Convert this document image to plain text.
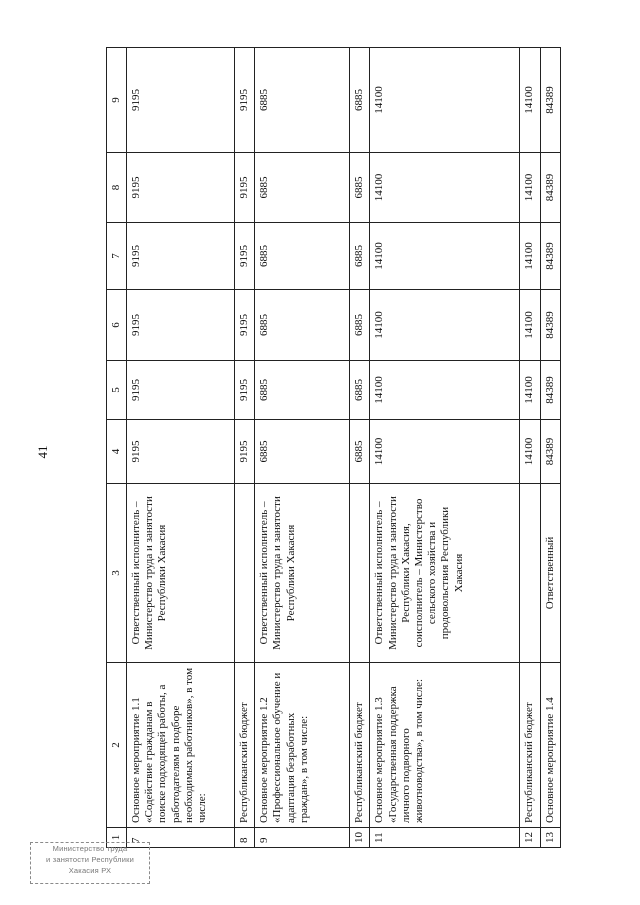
41
1	2	3	4	5	6	7	8	9
7	Основное мероприятие 1.1 «Содействие гражданам в поиске подходящей работы, а работодателям в подборе необходимых работников», в том числе:	Ответственный исполнитель – Министерство труда и занятости Республики Хакасия	9195	9195	9195	9195	9195	9195
8	Республиканский бюджет		9195	9195	9195	9195	9195	9195
9	Основное мероприятие 1.2 «Профессиональное обучение и адаптация безработных граждан», в том числе:	Ответственный исполнитель – Министерство труда и занятости Республики Хакасия	6885	6885	6885	6885	6885	6885
10	Республиканский бюджет		6885	6885	6885	6885	6885	6885
11	Основное мероприятие 1.3 «Государственная поддержка личного подворного животноводства», в том числе:	Ответственный исполнитель – Министерство труда и занятости Республики Хакасия, соисполнитель – Министерство сельского хозяйства и продовольствия Республики Хакасия	14100	14100	14100	14100	14100	14100
12	Республиканский бюджет		14100	14100	14100	14100	14100	14100
13	Основное мероприятие 1.4	Ответственный	84389	84389	84389	84389	84389	84389
Министерство труда
и занятости Республики
Хакасия РХ
